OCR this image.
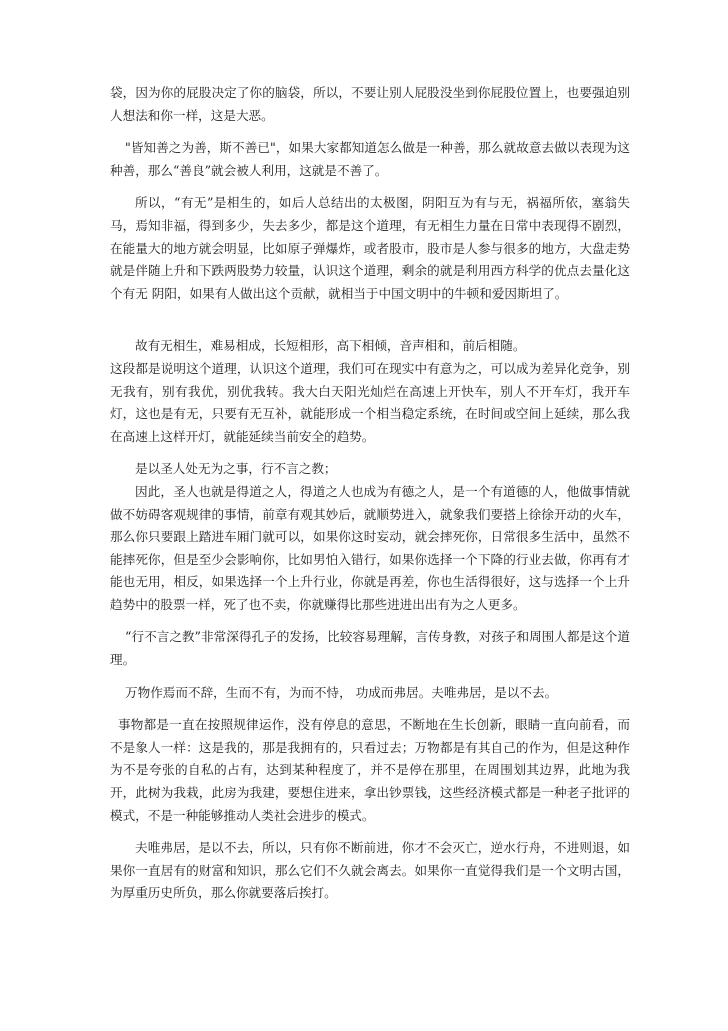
袋，因为你的屁股决定了你的脑袋，所以，不要让别人屁股没坐到你屁股位置上，也要强迫别人想法和你一样，这是大恶。

"皆知善之为善，斯不善已"，如果大家都知道怎么做是一种善，那么就故意去做以表现为这种善，那么“善良”就会被人利用，这就是不善了。

所以，“有无”是相生的，如后人总结出的太极图，阴阳互为有与无，祸福所依，塞翁失马，焉知非福，得到多少，失去多少，都是这个道理，有无相生力量在日常中表现得不剧烈，在能量大的地方就会明显，比如原子弹爆炸，或者股市，股市是人参与很多的地方，大盘走势就是伴随上升和下跌两股势力较量，认识这个道理，剩余的就是利用西方科学的优点去量化这个有无 阴阳，如果有人做出这个贡献，就相当于中国文明中的牛顿和爱因斯坦了。

故有无相生，难易相成，长短相形，高下相倾，音声相和，前后相随。

这段都是说明这个道理，认识这个道理，我们可在现实中有意为之，可以成为差异化竞争，别无我有，别有我优，别优我转。我大白天阳光灿烂在高速上开快车，别人不开车灯，我开车灯，这也是有无，只要有无互补，就能形成一个相当稳定系统，在时间或空间上延续，那么我在高速上这样开灯，就能延续当前安全的趋势。

是以圣人处无为之事，行不言之教；

因此，圣人也就是得道之人，得道之人也成为有德之人，是一个有道德的人，他做事情就做不妨碍客观规律的事情，前章有观其妙后，就顺势进入，就象我们要搭上徐徐开动的火车，那么你只要跟上踏进车厢门就可以，如果你这时妄动，就会摔死你，日常很多生活中，虽然不能摔死你，但是至少会影响你，比如男怕入错行，如果你选择一个下降的行业去做，你再有才能也无用，相反，如果选择一个上升行业，你就是再差，你也生活得很好，这与选择一个上升趋势中的股票一样，死了也不卖，你就赚得比那些进进出出有为之人更多。

“行不言之教”非常深得孔子的发扬，比较容易理解，言传身教，对孩子和周围人都是这个道理。

万物作焉而不辞，生而不有，为而不恃， 功成而弗居。夫唯弗居，是以不去。

事物都是一直在按照规律运作，没有停息的意思，不断地在生长创新，眼睛一直向前看，而不是象人一样：这是我的，那是我拥有的，只看过去；万物都是有其自己的作为，但是这种作为不是夸张的自私的占有，达到某种程度了，并不是停在那里，在周围划其边界，此地为我开，此树为我栽，此房为我建，要想住进来，拿出钞票钱，这些经济模式都是一种老子批评的模式，不是一种能够推动人类社会进步的模式。

夫唯弗居，是以不去，所以，只有你不断前进，你才不会灭亡，逆水行舟，不进则退，如果你一直居有的财富和知识，那么它们不久就会离去。如果你一直觉得我们是一个文明古国，为厚重历史所负，那么你就要落后挨打。
